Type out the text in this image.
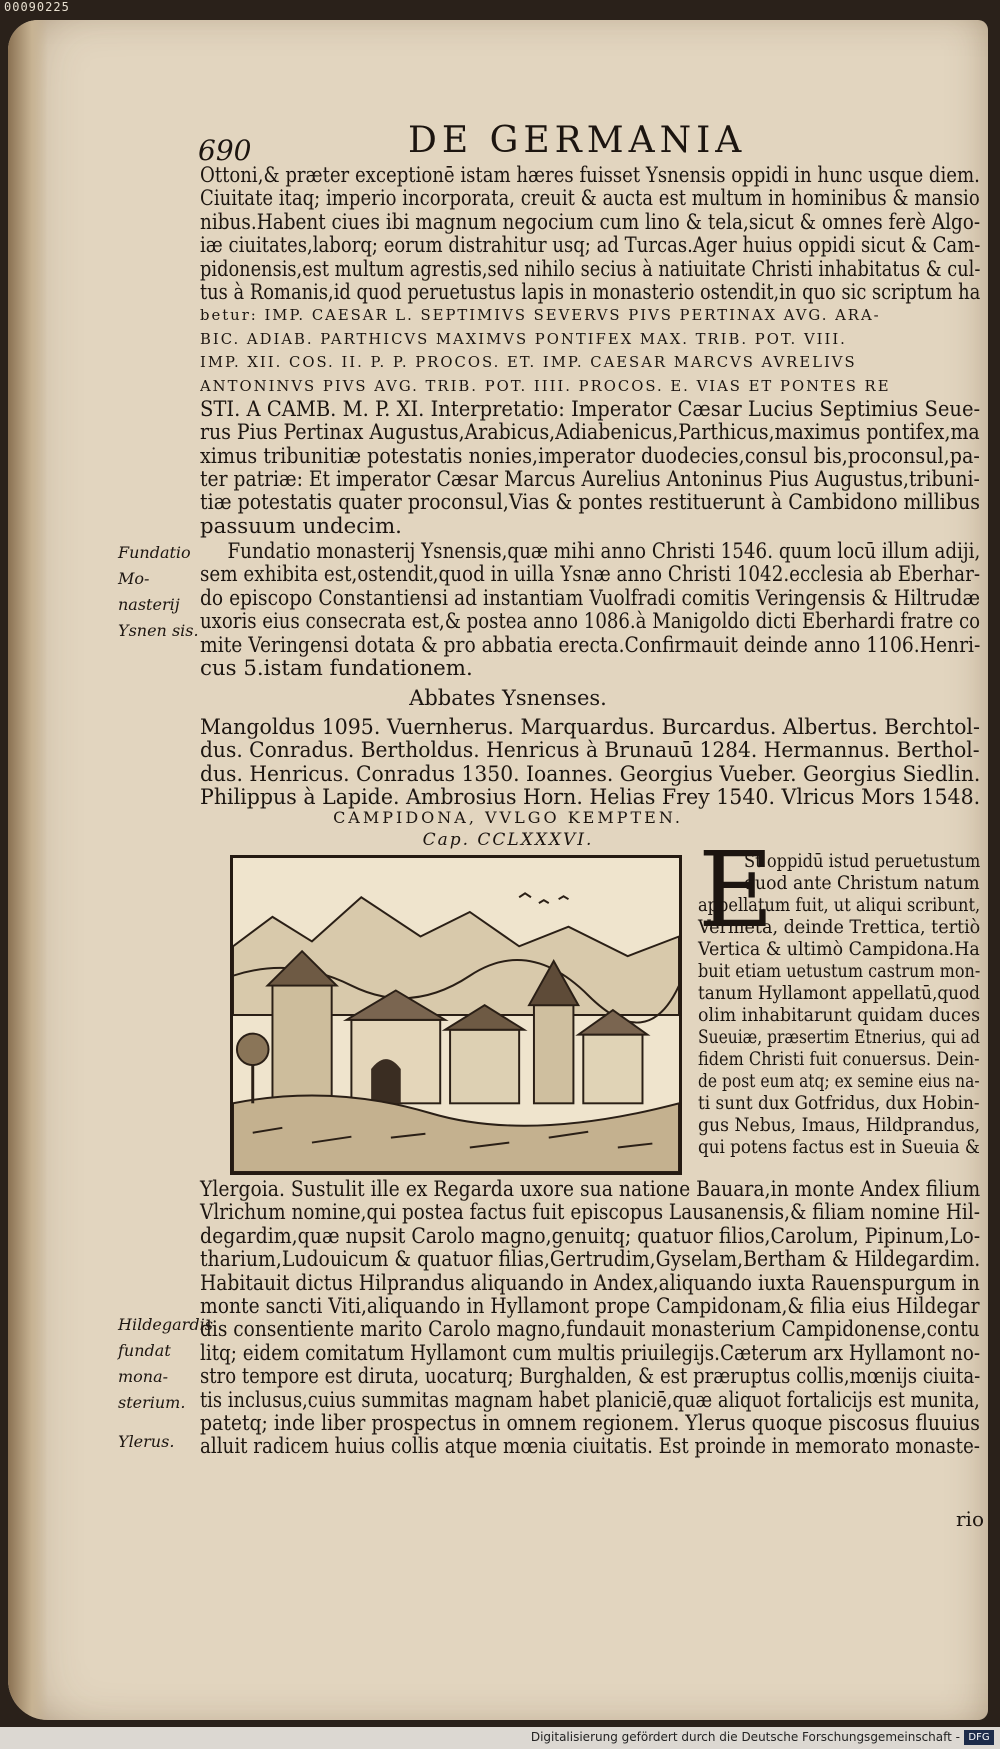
00090225
690	DE GERMANIA
Ottoni,& præter exceptionē istam hæres fuisset Ysnensis oppidi in hunc usque diem.
Ciuitate itaq; imperio incorporata, creuit & aucta est multum in hominibus & mansio
nibus.Habent ciues ibi magnum negocium cum lino & tela,sicut & omnes ferè Algo-
iæ ciuitates,laborq; eorum distrahitur usq; ad Turcas.Ager huius oppidi sicut & Cam-
pidonensis,est multum agrestis,sed nihilo secius à natiuitate Christi inhabitatus & cul-
tus à Romanis,id quod peruetustus lapis in monasterio ostendit,in quo sic scriptum ha
betur: IMP. CAESAR L. SEPTIMIVS SEVERVS PIVS PERTINAX AVG. ARA-
BIC. ADIAB. PARTHICVS MAXIMVS PONTIFEX MAX. TRIB. POT. VIII.
IMP. XII. COS. II. P. P. PROCOS. ET. IMP. CAESAR MARCVS AVRELIVS
ANTONINVS PIVS AVG. TRIB. POT. IIII. PROCOS. E. VIAS ET PONTES RE
STI. A CAMB. M. P. XI. Interpretatio: Imperator Cæsar Lucius Septimius Seue-
rus Pius Pertinax Augustus,Arabicus,Adiabenicus,Parthicus,maximus pontifex,ma
ximus tribunitiæ potestatis nonies,imperator duodecies,consul bis,proconsul,pa-
ter patriæ: Et imperator Cæsar Marcus Aurelius Antoninus Pius Augustus,tribuni-
tiæ potestatis quater proconsul,Vias & pontes restituerunt à Cambidono millibus
passuum undecim.

Fundatio Mo- nasterij Ysnen sis.

Fundatio monasterij Ysnensis,quæ mihi anno Christi 1546. quum locū illum adiji,
sem exhibita est,ostendit,quod in uilla Ysnæ anno Christi 1042.ecclesia ab Eberhar-
do episcopo Constantiensi ad instantiam Vuolfradi comitis Veringensis & Hiltrudæ
uxoris eius consecrata est,& postea anno 1086.à Manigoldo dicti Eberhardi fratre co
mite Veringensi dotata & pro abbatia erecta.Confirmauit deinde anno 1106.Henri-
cus 5.istam fundationem.

Abbates Ysnenses.

Mangoldus 1095. Vuernherus. Marquardus. Burcardus. Albertus. Berchtol-
dus. Conradus. Bertholdus. Henricus à Brunauū 1284. Hermannus. Berthol-
dus. Henricus. Conradus 1350. Ioannes. Georgius Vueber. Georgius Siedlin.
Philippus à Lapide. Ambrosius Horn. Helias Frey 1540. Vlricus Mors 1548.

CAMPIDONA, VVLGO KEMPTEN.

Cap. CCLXXXVI.	E
St oppidū istud peruetustum
quod ante Christum natum
appellatum fuit, ut aliqui scribunt,
Vermeta, deinde Trettica, tertiò
Vertica & ultimò Campidona.Ha
buit etiam uetustum castrum mon-
tanum Hyllamont appellatū,quod
olim inhabitarunt quidam duces
Sueuiæ, præsertim Etnerius, qui ad
fidem Christi fuit conuersus. Dein-
de post eum atq; ex semine eius na-
ti sunt dux Gotfridus, dux Hobin-
gus Nebus, Imaus, Hildprandus,
qui potens factus est in Sueuia &

Hildegardis fundat mona- sterium.

Ylerus.

Ylergoia. Sustulit ille ex Regarda uxore sua natione Bauara,in monte Andex filium
Vlrichum nomine,qui postea factus fuit episcopus Lausanensis,& filiam nomine Hil-
degardim,quæ nupsit Carolo magno,genuitq; quatuor filios,Carolum, Pipinum,Lo-
tharium,Ludouicum & quatuor filias,Gertrudim,Gyselam,Bertham & Hildegardim.
Habitauit dictus Hilprandus aliquando in Andex,aliquando iuxta Rauenspurgum in
monte sancti Viti,aliquando in Hyllamont prope Campidonam,& filia eius Hildegar
dis consentiente marito Carolo magno,fundauit monasterium Campidonense,contu
litq; eidem comitatum Hyllamont cum multis priuilegijs.Cæterum arx Hyllamont no-
stro tempore est diruta, uocaturq; Burghalden, & est præruptus collis,mœnijs ciuita-
tis inclusus,cuius summitas magnam habet planiciē,quæ aliquot fortalicijs est munita,
patetq; inde liber prospectus in omnem regionem. Ylerus quoque piscosus fluuius
alluit radicem huius collis atque mœnia ciuitatis. Est proinde in memorato monaste-
rio
Digitalisierung gefördert durch die Deutsche Forschungsgemeinschaft - DFG
